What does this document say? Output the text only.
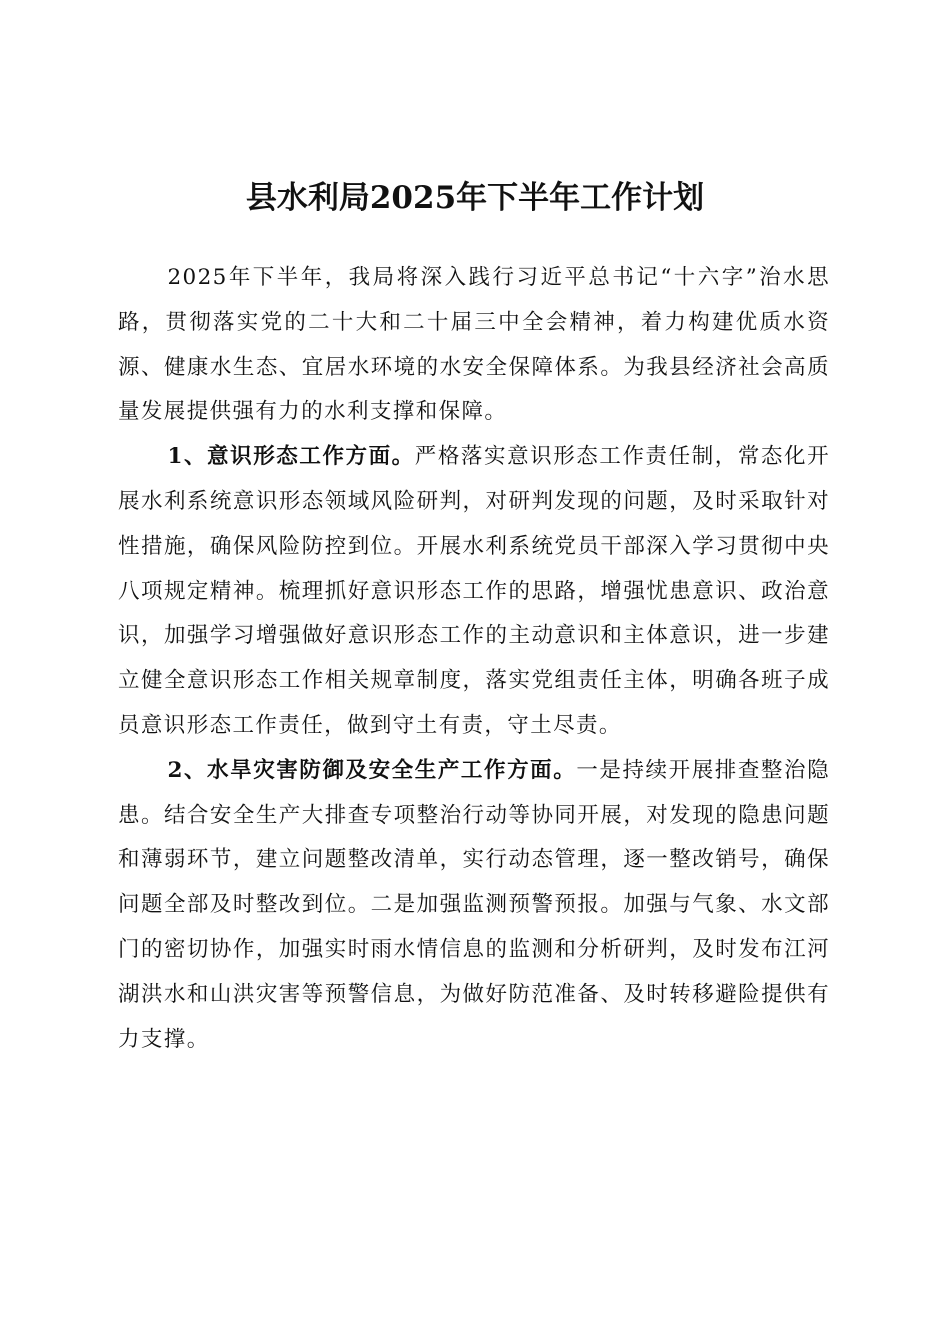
县水利局2025年下半年工作计划

2025年下半年，我局将深入践行习近平总书记“十六字”治水思路，贯彻落实党的二十大和二十届三中全会精神，着力构建优质水资源、健康水生态、宜居水环境的水安全保障体系。为我县经济社会高质量发展提供强有力的水利支撑和保障。

1、意识形态工作方面。严格落实意识形态工作责任制，常态化开展水利系统意识形态领域风险研判，对研判发现的问题，及时采取针对性措施，确保风险防控到位。开展水利系统党员干部深入学习贯彻中央八项规定精神。梳理抓好意识形态工作的思路，增强忧患意识、政治意识，加强学习增强做好意识形态工作的主动意识和主体意识，进一步建立健全意识形态工作相关规章制度，落实党组责任主体，明确各班子成员意识形态工作责任，做到守土有责，守土尽责。

2、水旱灾害防御及安全生产工作方面。一是持续开展排查整治隐患。结合安全生产大排查专项整治行动等协同开展，对发现的隐患问题和薄弱环节，建立问题整改清单，实行动态管理，逐一整改销号，确保问题全部及时整改到位。二是加强监测预警预报。加强与气象、水文部门的密切协作，加强实时雨水情信息的监测和分析研判，及时发布江河湖洪水和山洪灾害等预警信息，为做好防范准备、及时转移避险提供有力支撑。
